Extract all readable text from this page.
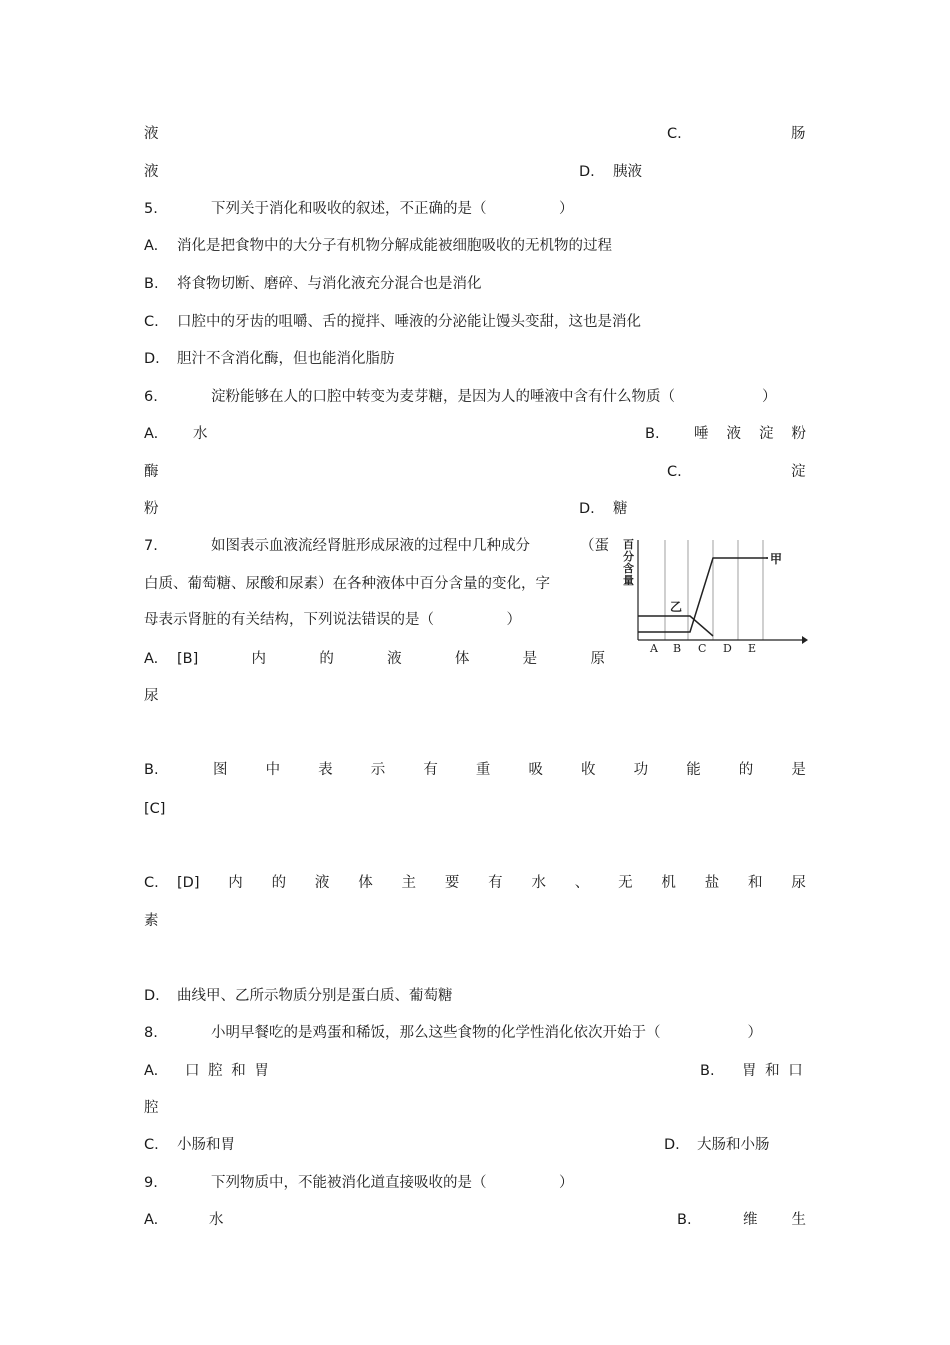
液	C.	肠
液	D. 胰液
5.	下列关于消化和吸收的叙述，不正确的是（　　　　　）
A. 消化是把食物中的大分子有机物分解成能被细胞吸收的无机物的过程
B. 将食物切断、磨碎、与消化液充分混合也是消化
C. 口腔中的牙齿的咀嚼、舌的搅拌、唾液的分泌能让馒头变甜，这也是消化
D. 胆汁不含消化酶，但也能消化脂肪
6.	淀粉能够在人的口腔中转变为麦芽糖，是因为人的唾液中含有什么物质（　　　　　　）
A. 水	B. 唾 液 淀 粉
酶	C.	淀
粉	D. 糖
7.	如图表示血液流经肾脏形成尿液的过程中几种成分	（蛋
白质、葡萄糖、尿酸和尿素）在各种液体中百分含量的变化，字
母表示肾脏的有关结构，下列说法错误的是（　　　　　）
百分含量
甲
乙
A B C D E
A. [B]	内	的	液	体	是	原
尿
B.	图	中	表	示	有	重	吸	收	功	能	的	是
[C]
C. [D] 内 的 液 体 主 要 有 水 、 无 机 盐 和 尿
素
D. 曲线甲、乙所示物质分别是蛋白质、葡萄糖
8.	小明早餐吃的是鸡蛋和稀饭，那么这些食物的化学性消化依次开始于（　　　　　　）
A. 口 腔 和 胃	B. 胃 和 口
腔
C. 小肠和胃	D. 大肠和小肠
9.	下列物质中，不能被消化道直接吸收的是（　　　　　）
A.	水	B.	维 生
